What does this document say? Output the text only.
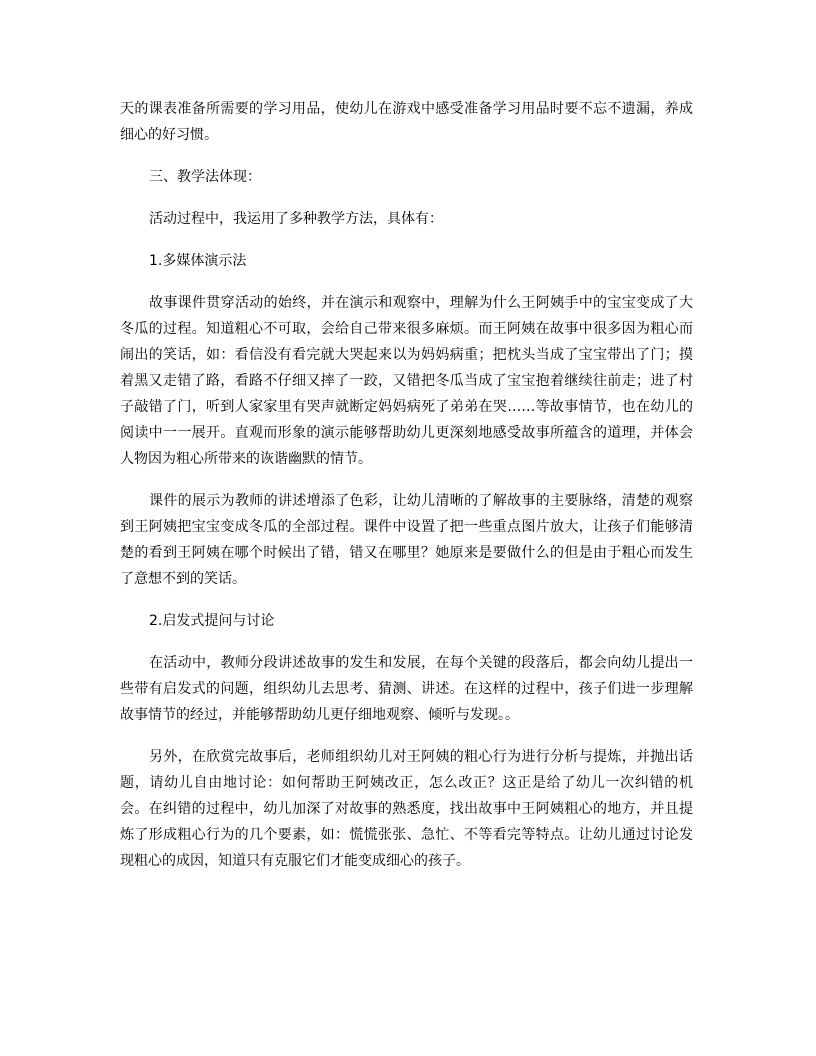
天的课表准备所需要的学习用品，使幼儿在游戏中感受准备学习用品时要不忘不遗漏，养成细心的好习惯。

三、教学法体现：

活动过程中，我运用了多种教学方法，具体有：

1.多媒体演示法

故事课件贯穿活动的始终，并在演示和观察中，理解为什么王阿姨手中的宝宝变成了大冬瓜的过程。知道粗心不可取，会给自己带来很多麻烦。而王阿姨在故事中很多因为粗心而闹出的笑话，如：看信没有看完就大哭起来以为妈妈病重；把枕头当成了宝宝带出了门；摸着黑又走错了路，看路不仔细又摔了一跤，又错把冬瓜当成了宝宝抱着继续往前走；进了村子敲错了门，听到人家家里有哭声就断定妈妈病死了弟弟在哭……等故事情节，也在幼儿的阅读中一一展开。直观而形象的演示能够帮助幼儿更深刻地感受故事所蕴含的道理，并体会人物因为粗心所带来的诙谐幽默的情节。

课件的展示为教师的讲述增添了色彩，让幼儿清晰的了解故事的主要脉络，清楚的观察到王阿姨把宝宝变成冬瓜的全部过程。课件中设置了把一些重点图片放大，让孩子们能够清楚的看到王阿姨在哪个时候出了错，错又在哪里？她原来是要做什么的但是由于粗心而发生了意想不到的笑话。

2.启发式提问与讨论

在活动中，教师分段讲述故事的发生和发展，在每个关键的段落后，都会向幼儿提出一些带有启发式的问题，组织幼儿去思考、猜测、讲述。在这样的过程中，孩子们进一步理解故事情节的经过，并能够帮助幼儿更仔细地观察、倾听与发现。。

另外，在欣赏完故事后，老师组织幼儿对王阿姨的粗心行为进行分析与提炼，并抛出话题，请幼儿自由地讨论：如何帮助王阿姨改正，怎么改正？这正是给了幼儿一次纠错的机会。在纠错的过程中，幼儿加深了对故事的熟悉度，找出故事中王阿姨粗心的地方，并且提炼了形成粗心行为的几个要素，如：慌慌张张、急忙、不等看完等特点。让幼儿通过讨论发现粗心的成因，知道只有克服它们才能变成细心的孩子。
